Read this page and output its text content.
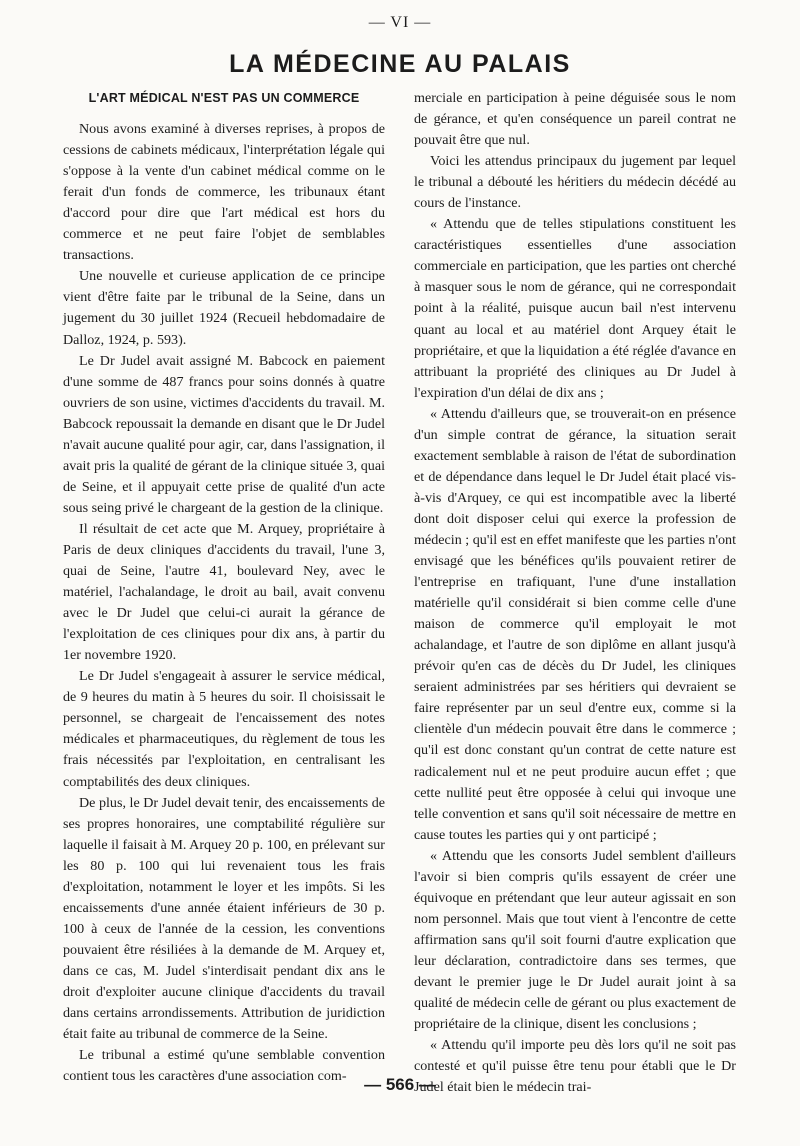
— VI —
LA MÉDECINE AU PALAIS
L'ART MÉDICAL N'EST PAS UN COMMERCE

Nous avons examiné à diverses reprises, à propos de cessions de cabinets médicaux, l'interprétation légale qui s'oppose à la vente d'un cabinet médical comme on le ferait d'un fonds de commerce, les tribunaux étant d'accord pour dire que l'art médical est hors du commerce et ne peut faire l'objet de semblables transactions.

Une nouvelle et curieuse application de ce principe vient d'être faite par le tribunal de la Seine, dans un jugement du 30 juillet 1924 (Recueil hebdomadaire de Dalloz, 1924, p. 593).

Le Dr Judel avait assigné M. Babcock en paiement d'une somme de 487 francs pour soins donnés à quatre ouvriers de son usine, victimes d'accidents du travail. M. Babcock repoussait la demande en disant que le Dr Judel n'avait aucune qualité pour agir, car, dans l'assignation, il avait pris la qualité de gérant de la clinique située 3, quai de Seine, et il appuyait cette prise de qualité d'un acte sous seing privé le chargeant de la gestion de la clinique.

Il résultait de cet acte que M. Arquey, propriétaire à Paris de deux cliniques d'accidents du travail, l'une 3, quai de Seine, l'autre 41, boulevard Ney, avec le matériel, l'achalandage, le droit au bail, avait convenu avec le Dr Judel que celui-ci aurait la gérance de l'exploitation de ces cliniques pour dix ans, à partir du 1er novembre 1920.

Le Dr Judel s'engageait à assurer le service médical, de 9 heures du matin à 5 heures du soir. Il choisissait le personnel, se chargeait de l'encaissement des notes médicales et pharmaceutiques, du règlement de tous les frais nécessités par l'exploitation, en centralisant les comptabilités des deux cliniques.

De plus, le Dr Judel devait tenir, des encaissements de ses propres honoraires, une comptabilité régulière sur laquelle il faisait à M. Arquey 20 p. 100, en prélevant sur les 80 p. 100 qui lui revenaient tous les frais d'exploitation, notamment le loyer et les impôts. Si les encaissements d'une année étaient inférieurs de 30 p. 100 à ceux de l'année de la cession, les conventions pouvaient être résiliées à la demande de M. Arquey et, dans ce cas, M. Judel s'interdisait pendant dix ans le droit d'exploiter aucune clinique d'accidents du travail dans certains arrondissements. Attribution de juridiction était faite au tribunal de commerce de la Seine.

Le tribunal a estimé qu'une semblable convention contient tous les caractères d'une association com-

merciale en participation à peine déguisée sous le nom de gérance, et qu'en conséquence un pareil contrat ne pouvait être que nul.

Voici les attendus principaux du jugement par lequel le tribunal a débouté les héritiers du médecin décédé au cours de l'instance.

« Attendu que de telles stipulations constituent les caractéristiques essentielles d'une association commerciale en participation, que les parties ont cherché à masquer sous le nom de gérance, qui ne correspondait point à la réalité, puisque aucun bail n'est intervenu quant au local et au matériel dont Arquey était le propriétaire, et que la liquidation a été réglée d'avance en attribuant la propriété des cliniques au Dr Judel à l'expiration d'un délai de dix ans ;

« Attendu d'ailleurs que, se trouverait-on en présence d'un simple contrat de gérance, la situation serait exactement semblable à raison de l'état de subordination et de dépendance dans lequel le Dr Judel était placé vis-à-vis d'Arquey, ce qui est incompatible avec la liberté dont doit disposer celui qui exerce la profession de médecin ; qu'il est en effet manifeste que les parties n'ont envisagé que les bénéfices qu'ils pouvaient retirer de l'entreprise en trafiquant, l'une d'une installation matérielle qu'il considérait si bien comme celle d'une maison de commerce qu'il employait le mot achalandage, et l'autre de son diplôme en allant jusqu'à prévoir qu'en cas de décès du Dr Judel, les cliniques seraient administrées par ses héritiers qui devraient se faire représenter par un seul d'entre eux, comme si la clientèle d'un médecin pouvait être dans le commerce ; qu'il est donc constant qu'un contrat de cette nature est radicalement nul et ne peut produire aucun effet ; que cette nullité peut être opposée à celui qui invoque une telle convention et sans qu'il soit nécessaire de mettre en cause toutes les parties qui y ont participé ;

« Attendu que les consorts Judel semblent d'ailleurs l'avoir si bien compris qu'ils essayent de créer une équivoque en prétendant que leur auteur agissait en son nom personnel. Mais que tout vient à l'encontre de cette affirmation sans qu'il soit fourni d'autre explication que leur déclaration, contradictoire dans ses termes, que devant le premier juge le Dr Judel aurait joint à sa qualité de médecin celle de gérant ou plus exactement de propriétaire de la clinique, disent les conclusions ;

« Attendu qu'il importe peu dès lors qu'il ne soit pas contesté et qu'il puisse être tenu pour établi que le Dr Judel était bien le médecin trai-

— 566 —
